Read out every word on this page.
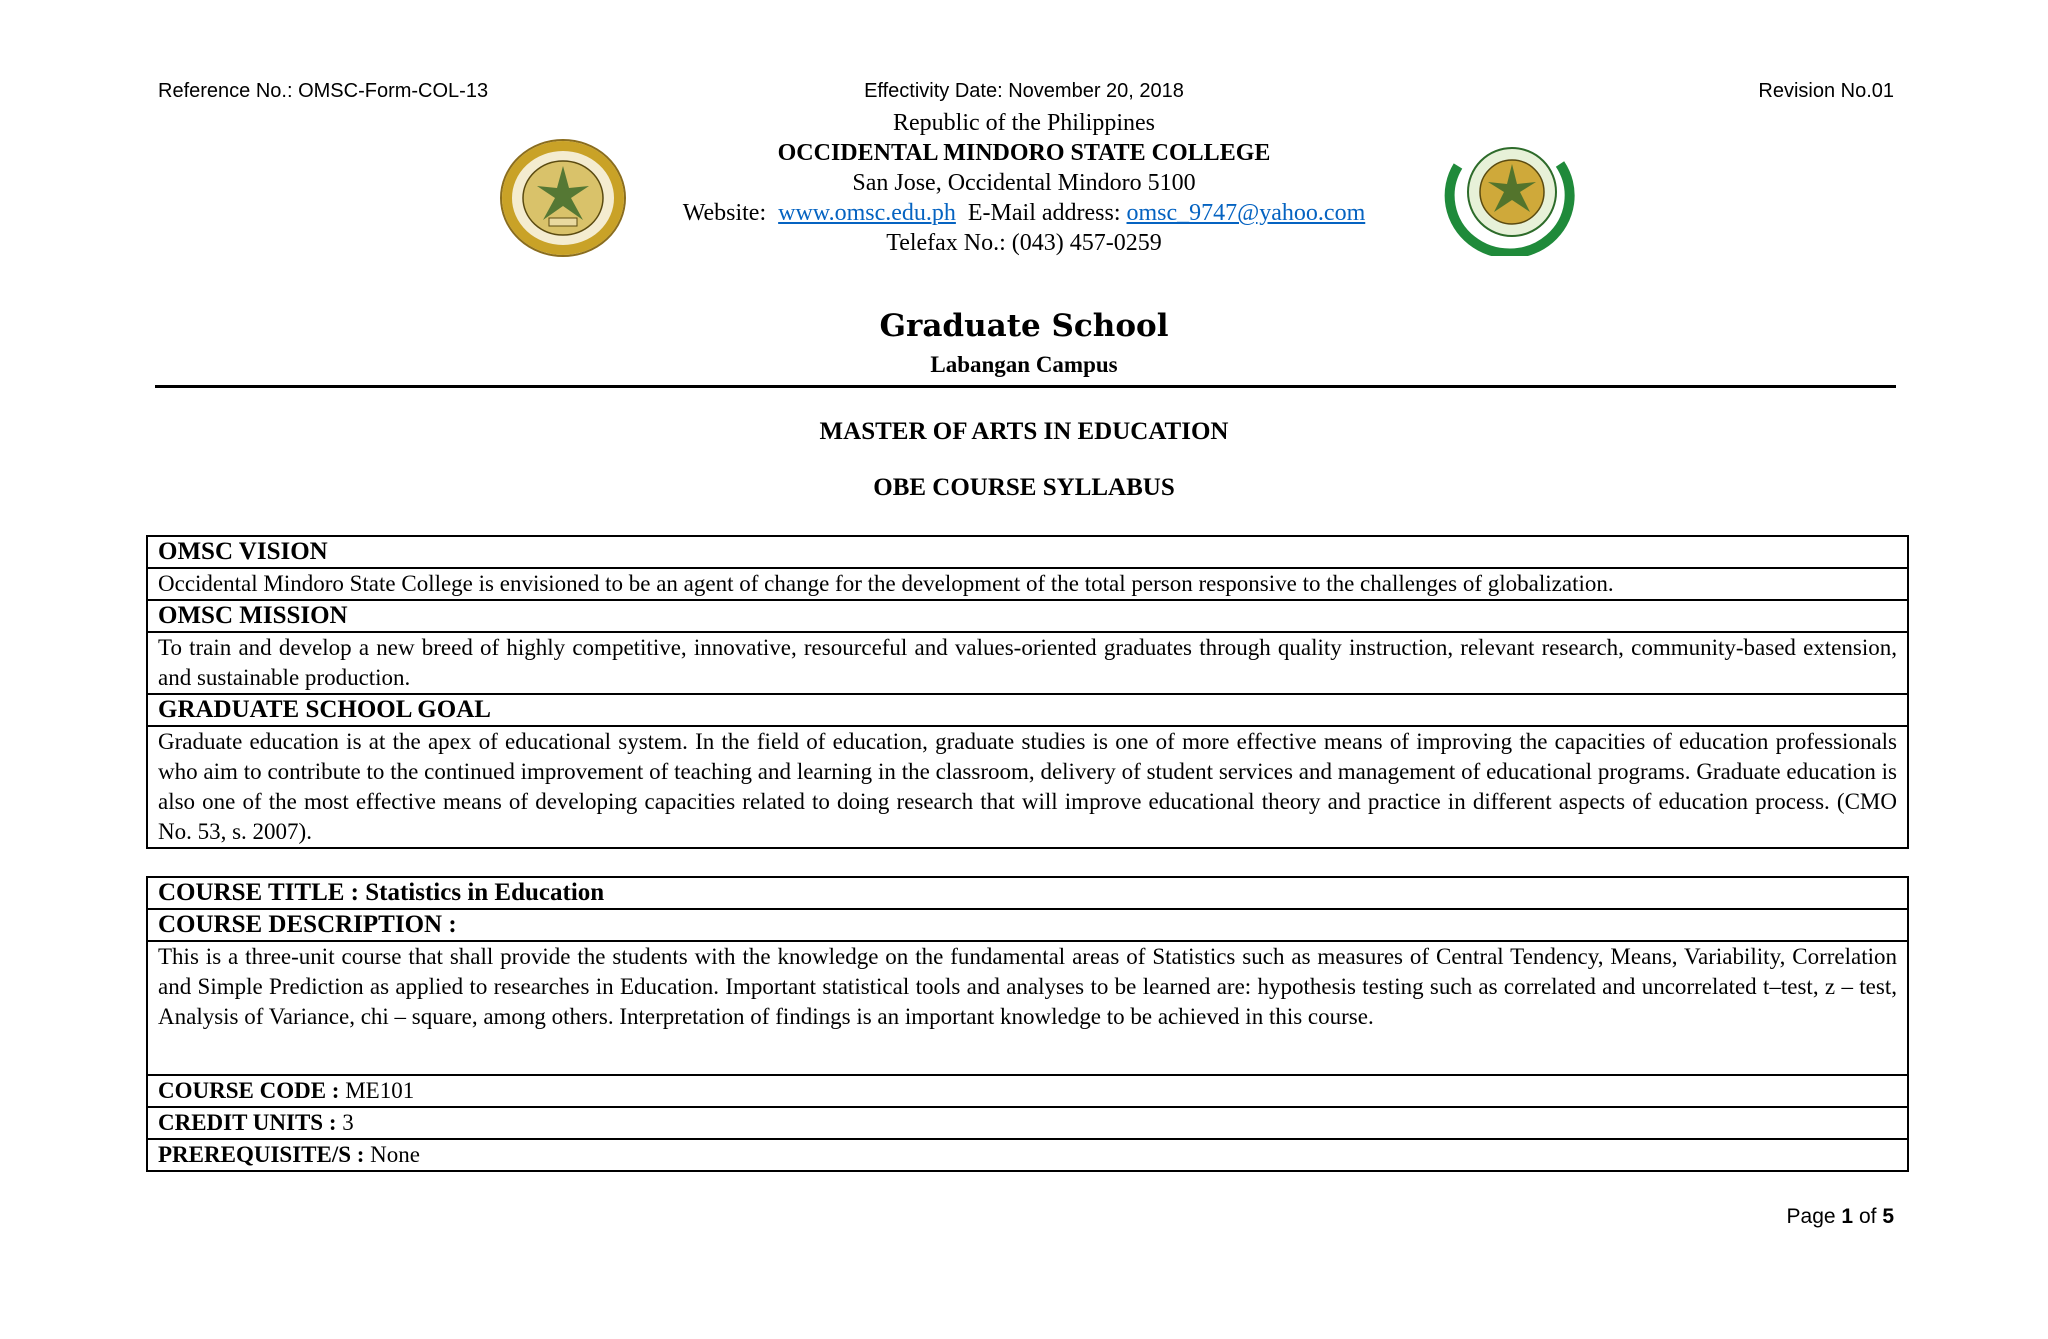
Reference No.: OMSC-Form-COL-13	Effectivity Date: November 20, 2018	Revision No.01
Republic of the Philippines
OCCIDENTAL MINDORO STATE COLLEGE
San Jose, Occidental Mindoro 5100
Website: www.omsc.edu.ph E-Mail address: omsc_9747@yahoo.com
Telefax No.: (043) 457-0259
Graduate School
Labangan Campus
MASTER OF ARTS IN EDUCATION
OBE COURSE SYLLABUS
OMSC VISION
Occidental Mindoro State College is envisioned to be an agent of change for the development of the total person responsive to the challenges of globalization.
OMSC MISSION
To train and develop a new breed of highly competitive, innovative, resourceful and values-oriented graduates through quality instruction, relevant research, community-based extension, and sustainable production.
GRADUATE SCHOOL GOAL
Graduate education is at the apex of educational system. In the field of education, graduate studies is one of more effective means of improving the capacities of education professionals who aim to contribute to the continued improvement of teaching and learning in the classroom, delivery of student services and management of educational programs. Graduate education is also one of the most effective means of developing capacities related to doing research that will improve educational theory and practice in different aspects of education process. (CMO No. 53, s. 2007).
COURSE TITLE : Statistics in Education
COURSE DESCRIPTION :
This is a three-unit course that shall provide the students with the knowledge on the fundamental areas of Statistics such as measures of Central Tendency, Means, Variability, Correlation and Simple Prediction as applied to researches in Education. Important statistical tools and analyses to be learned are: hypothesis testing such as correlated and uncorrelated t–test, z – test, Analysis of Variance, chi – square, among others. Interpretation of findings is an important knowledge to be achieved in this course.
COURSE CODE : ME101
CREDIT UNITS : 3
PREREQUISITE/S : None
Page 1 of 5
